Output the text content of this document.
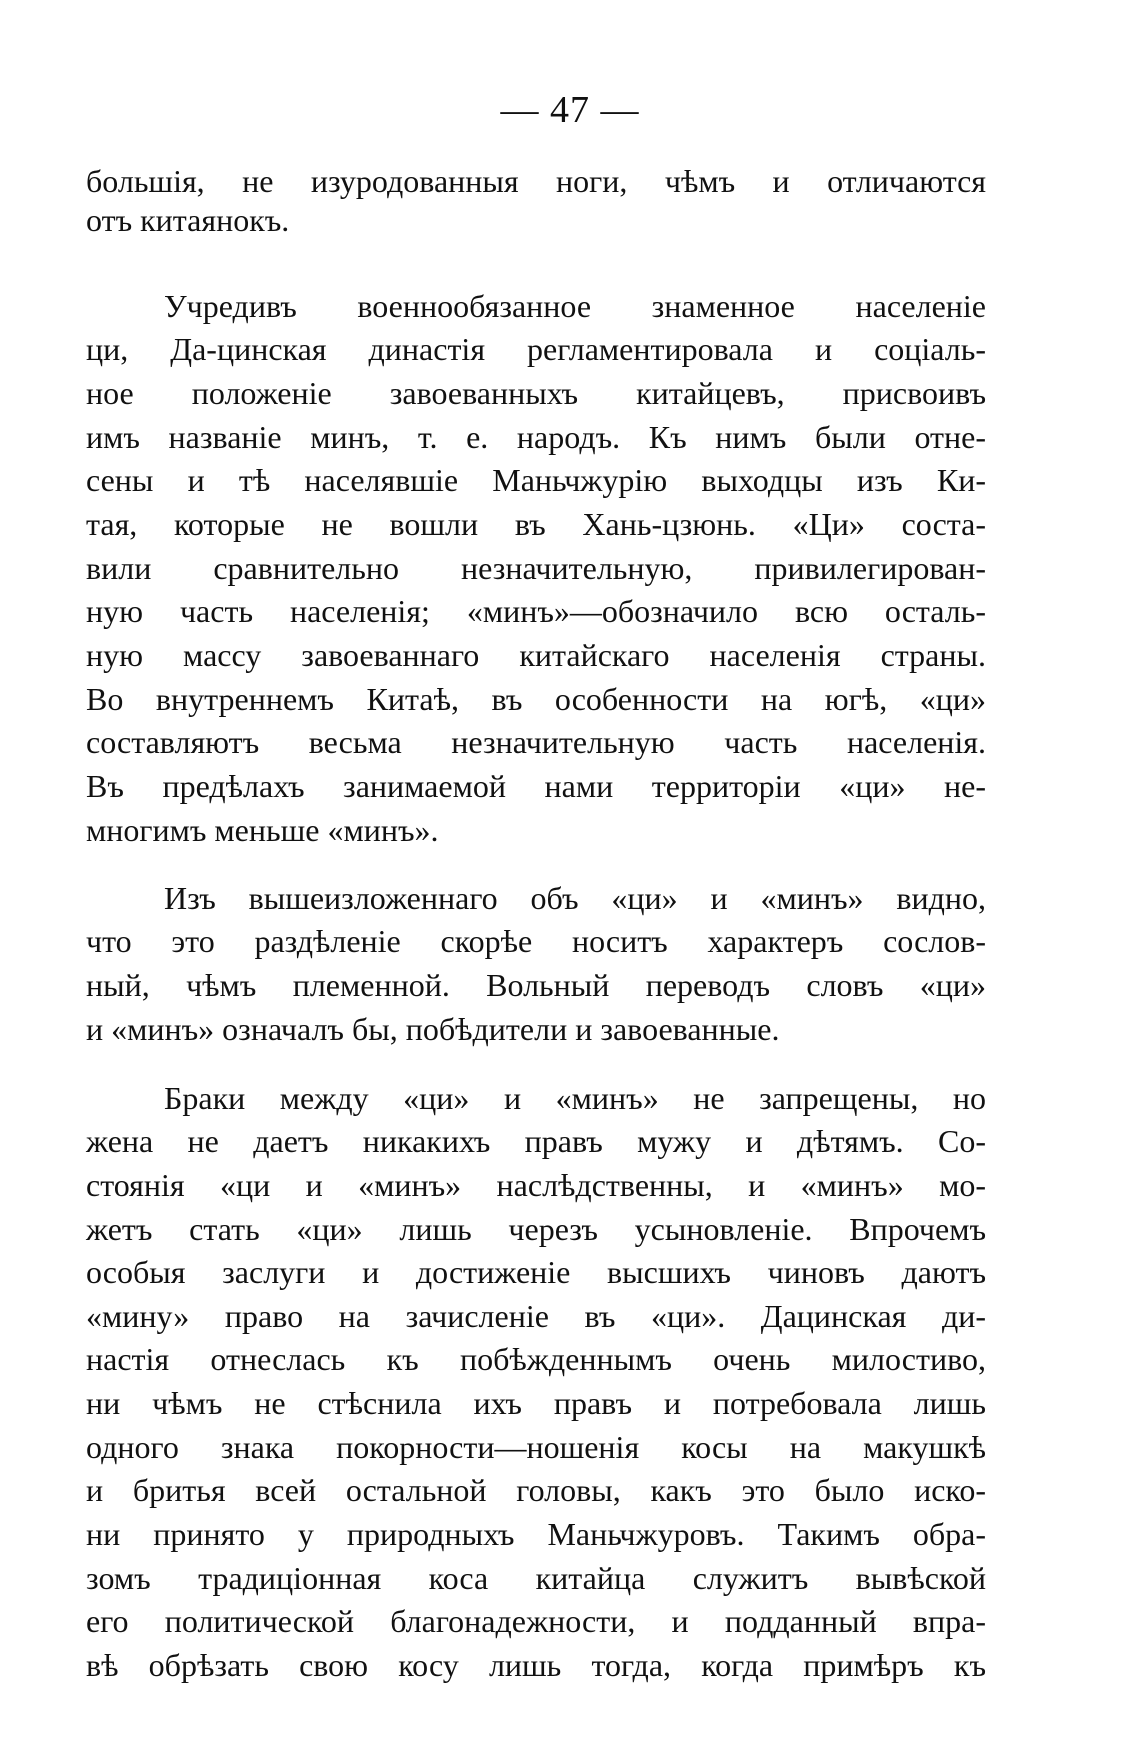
— 47 —
большія, не изуродованныя ноги, чѣмъ и отличаются
отъ китаянокъ.
Учредивъ военнообязанное знаменное населеніе
ци, Да-цинская династія регламентировала и соціаль-
ное положеніе завоеванныхъ китайцевъ, присвоивъ
имъ названіе минъ, т. е. народъ. Къ нимъ были отне-
сены и тѣ населявшіе Маньчжурію выходцы изъ Ки-
тая, которые не вошли въ Хань-цзюнь. «Ци» соста-
вили сравнительно незначительную, привилегирован-
ную часть населенія; «минъ»—обозначило всю осталь-
ную массу завоеваннаго китайскаго населенія страны.
Во внутреннемъ Китаѣ, въ особенности на югѣ, «ци»
составляютъ весьма незначительную часть населенія.
Въ предѣлахъ занимаемой нами территоріи «ци» не-
многимъ меньше «минъ».
Изъ вышеизложеннаго объ «ци» и «минъ» видно,
что это раздѣленіе скорѣе носитъ характеръ сослов-
ный, чѣмъ племенной. Вольный переводъ словъ «ци»
и «минъ» означалъ бы, побѣдители и завоеванные.
Браки между «ци» и «минъ» не запрещены, но
жена не даетъ никакихъ правъ мужу и дѣтямъ. Со-
стоянія «ци и «минъ» наслѣдственны, и «минъ» мо-
жетъ стать «ци» лишь черезъ усыновленіе. Впрочемъ
особыя заслуги и достиженіе высшихъ чиновъ даютъ
«мину» право на зачисленіе въ «ци». Дацинская ди-
настія отнеслась къ побѣжденнымъ очень милостиво,
ни чѣмъ не стѣснила ихъ правъ и потребовала лишь
одного знака покорности—ношенія косы на макушкѣ
и бритья всей остальной головы, какъ это было иско-
ни принято у природныхъ Маньчжуровъ. Такимъ обра-
зомъ традиціонная коса китайца служитъ вывѣской
его политической благонадежности, и подданный впра-
вѣ обрѣзать свою косу лишь тогда, когда примѣръ къ
